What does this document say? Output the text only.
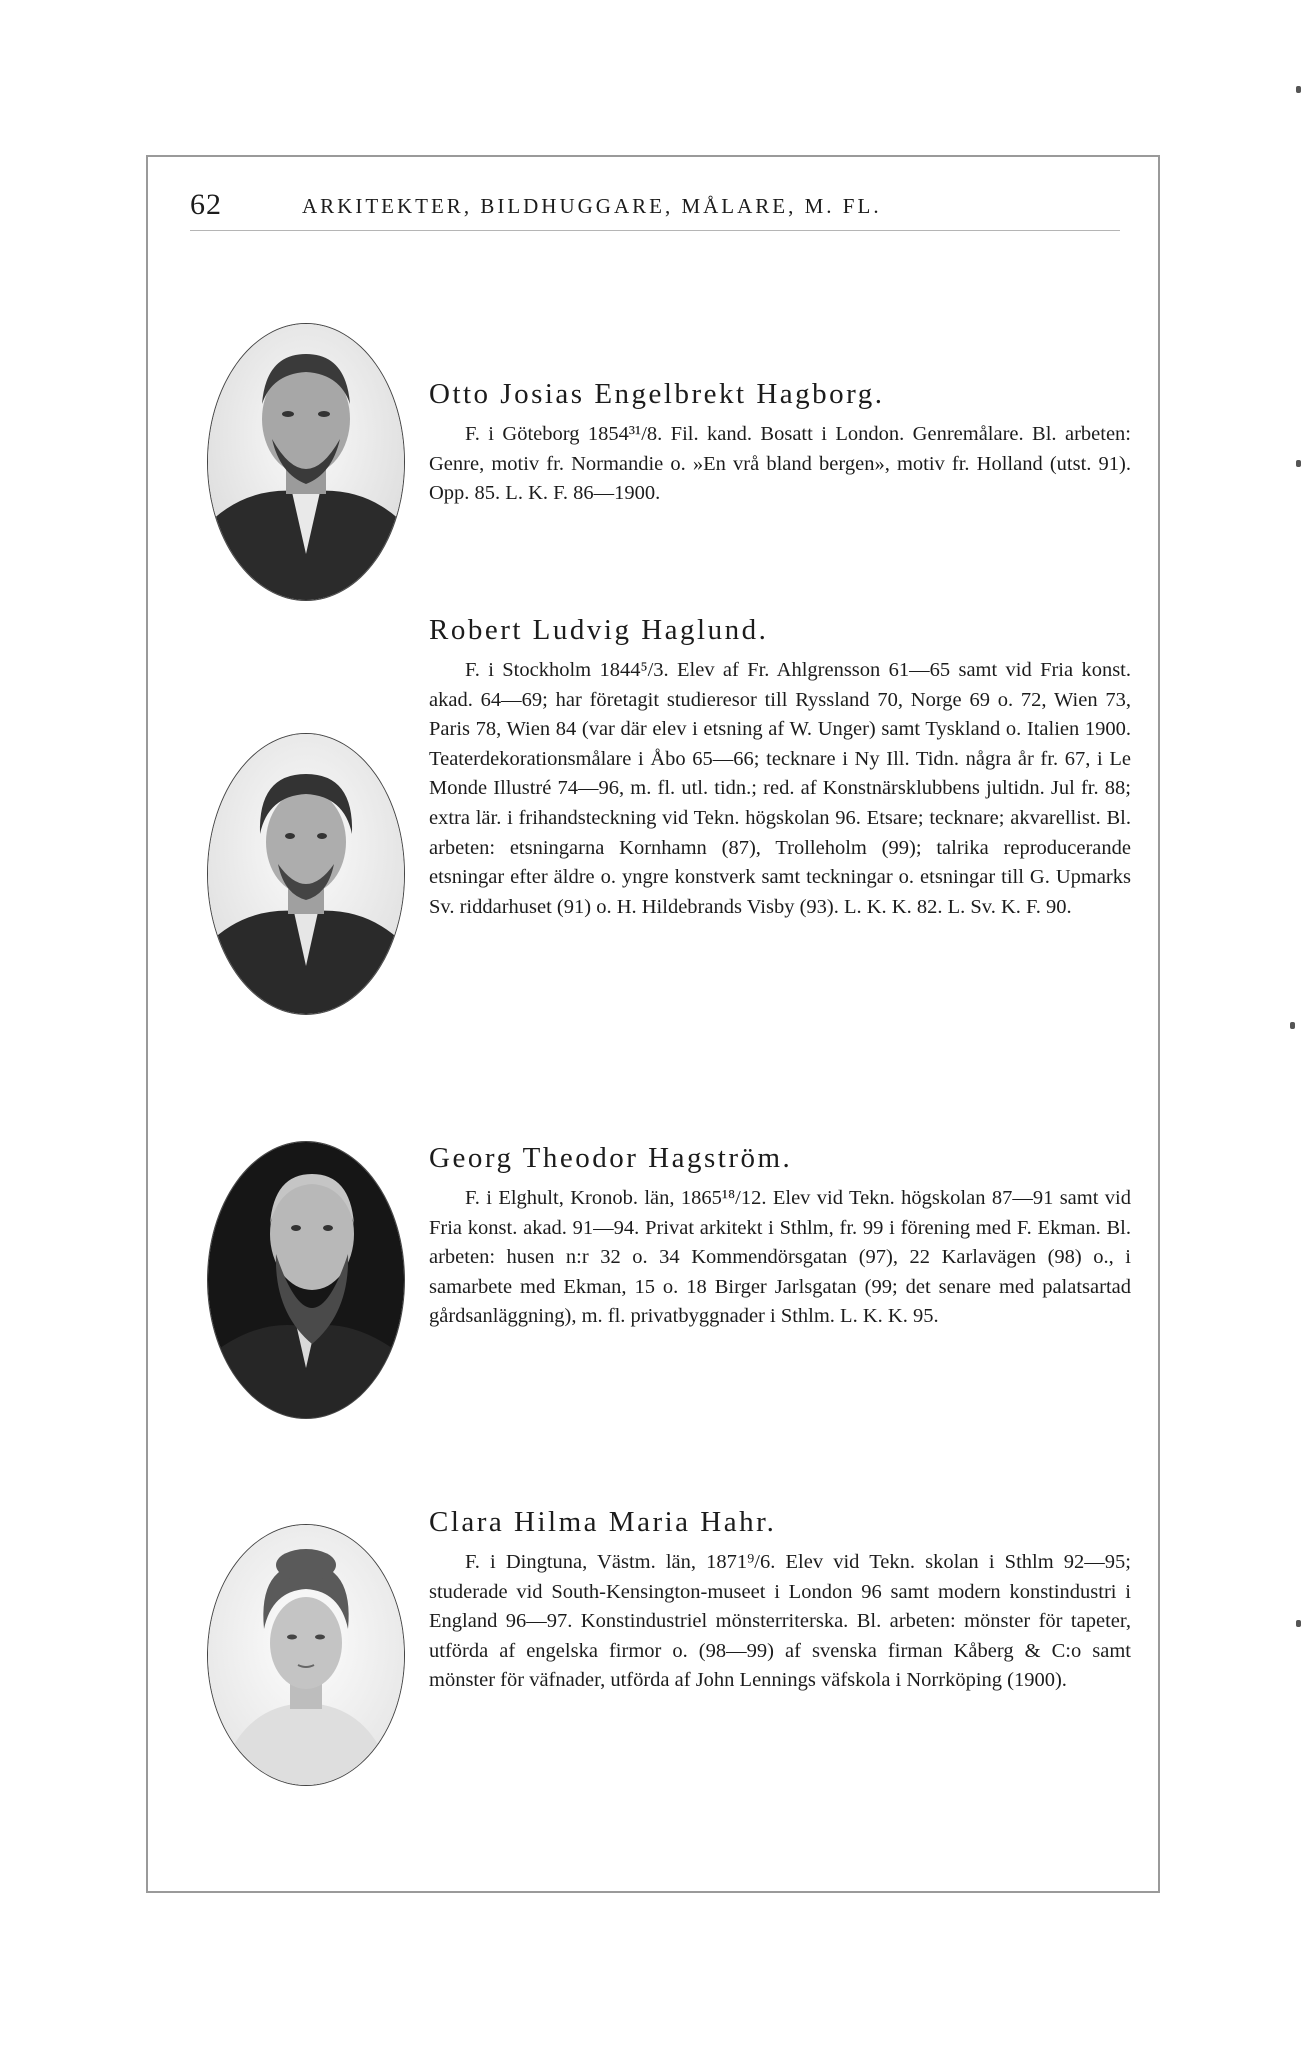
62	ARKITEKTER, BILDHUGGARE, MÅLARE, M. FL.
Otto Josias Engelbrekt Hagborg.

F. i Göteborg 1854³¹/8. Fil. kand. Bosatt i London. Genremålare. Bl. arbeten: Genre, motiv fr. Normandie o. »En vrå bland bergen», motiv fr. Holland (utst. 91). Opp. 85. L. K. F. 86—1900.

Robert Ludvig Haglund.

F. i Stockholm 1844⁵/3. Elev af Fr. Ahlgrensson 61—65 samt vid Fria konst. akad. 64—69; har företagit studieresor till Ryssland 70, Norge 69 o. 72, Wien 73, Paris 78, Wien 84 (var där elev i etsning af W. Unger) samt Tyskland o. Italien 1900. Teaterdekorationsmålare i Åbo 65—66; tecknare i Ny Ill. Tidn. några år fr. 67, i Le Monde Illustré 74—96, m. fl. utl. tidn.; red. af Konstnärsklubbens jultidn. Jul fr. 88; extra lär. i frihandsteckning vid Tekn. högskolan 96. Etsare; tecknare; akvarellist. Bl. arbeten: etsningarna Kornhamn (87), Trolleholm (99); talrika reproducerande etsningar efter äldre o. yngre konstverk samt teckningar o. etsningar till G. Upmarks Sv. riddarhuset (91) o. H. Hildebrands Visby (93). L. K. K. 82. L. Sv. K. F. 90.

Georg Theodor Hagström.

F. i Elghult, Kronob. län, 1865¹⁸/12. Elev vid Tekn. högskolan 87—91 samt vid Fria konst. akad. 91—94. Privat arkitekt i Sthlm, fr. 99 i förening med F. Ekman. Bl. arbeten: husen n:r 32 o. 34 Kommendörsgatan (97), 22 Karlavägen (98) o., i samarbete med Ekman, 15 o. 18 Birger Jarlsgatan (99; det senare med palatsartad gårdsanläggning), m. fl. privatbyggnader i Sthlm. L. K. K. 95.

Clara Hilma Maria Hahr.

F. i Dingtuna, Västm. län, 1871⁹/6. Elev vid Tekn. skolan i Sthlm 92—95; studerade vid South-Kensington-museet i London 96 samt modern konstindustri i England 96—97. Konstindustriel mönsterriterska. Bl. arbeten: mönster för tapeter, utförda af engelska firmor o. (98—99) af svenska firman Kåberg & C:o samt mönster för väfnader, utförda af John Lennings väfskola i Norrköping (1900).
